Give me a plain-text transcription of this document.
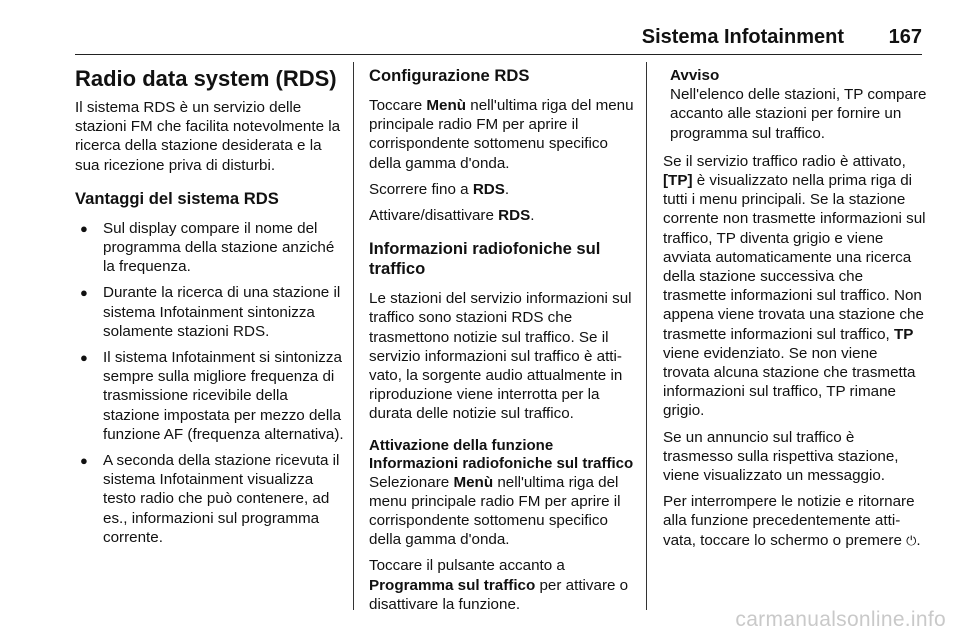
Sistema Infotainment 167
Radio data system (RDS)

Il sistema RDS è un servizio delle stazioni FM che facilita notevolmente la ricerca della stazione desiderata e la sua ricezione priva di disturbi.

Vantaggi del sistema RDS
● Sul display compare il nome del programma della stazione anziché la frequenza.
● Durante la ricerca di una stazione il sistema Infotainment sintonizza solamente stazioni RDS.
● Il sistema Infotainment si sintonizza sempre sulla migliore frequenza di trasmissione ricevibile della stazione impostata per mezzo della funzione AF (frequenza alternativa).
● A seconda della stazione ricevuta il sistema Infotainment visualizza testo radio che può contenere, ad es., informazioni sul programma corrente.
Configurazione RDS

Toccare Menù nell'ultima riga del menu principale radio FM per aprire il corrispondente sottomenu specifico della gamma d'onda.

Scorrere fino a RDS.

Attivare/disattivare RDS.

Informazioni radiofoniche sul traffico

Le stazioni del servizio informazioni sul traffico sono stazioni RDS che trasmettono notizie sul traffico. Se il servizio informazioni sul traffico è attivato, la sorgente audio attualmente in riproduzione viene interrotta per la durata delle notizie sul traffico.

Attivazione della funzione Informazioni radiofoniche sul traffico

Selezionare Menù nell'ultima riga del menu principale radio FM per aprire il corrispondente sottomenu specifico della gamma d'onda.

Toccare il pulsante accanto a Programma sul traffico per attivare o disattivare la funzione.

Avviso
Nell'elenco delle stazioni, TP compare accanto alle stazioni per fornire un programma sul traffico.

Se il servizio traffico radio è attivato, [TP] è visualizzato nella prima riga di tutti i menu principali. Se la stazione corrente non trasmette informazioni sul traffico, TP diventa grigio e viene avviata automaticamente una ricerca della stazione successiva che trasmette informazioni sul traffico. Non appena viene trovata una stazione che trasmette informazioni sul traffico, TP viene evidenziato. Se non viene trovata alcuna stazione che trasmetta informazioni sul traffico, TP rimane grigio.

Se un annuncio sul traffico è trasmesso sulla rispettiva stazione, viene visualizzato un messaggio.

Per interrompere le notizie e ritornare alla funzione precedentemente attivata, toccare lo schermo o premere ⏻.

carmanualsonline.info
